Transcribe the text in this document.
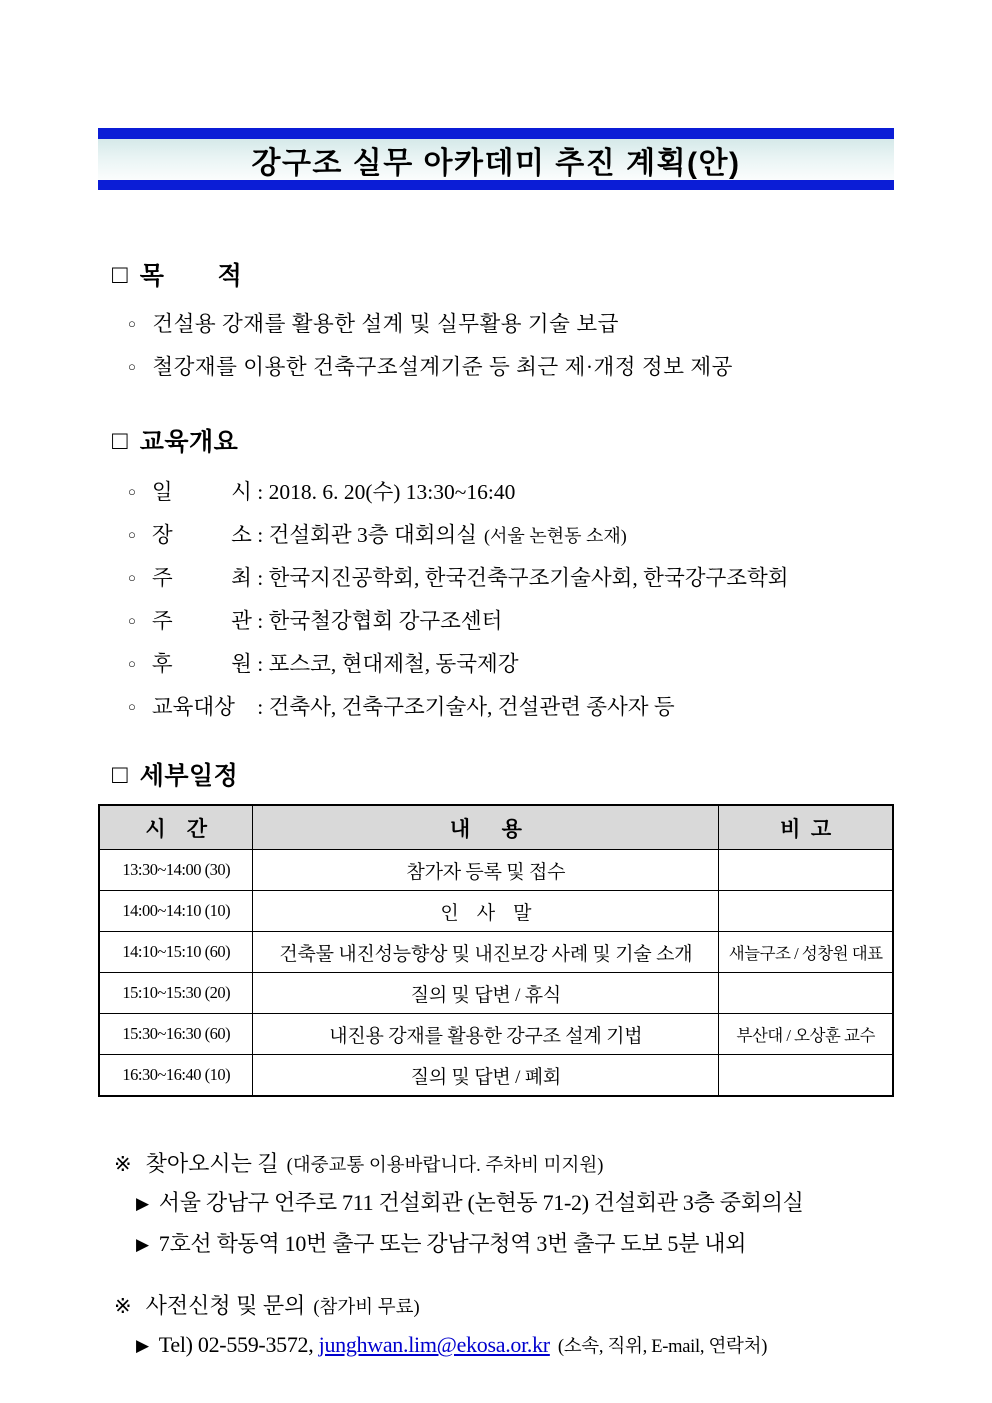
강구조 실무 아카데미 추진 계획(안)
□ 목 적
○ 건설용 강재를 활용한 설계 및 실무활용 기술 보급
○ 철강재를 이용한 건축구조설계기준 등 최근 제·개정 정보 제공
□ 교육개요
○ 일 시 : 2018. 6. 20(수) 13:30~16:40
○ 장 소 : 건설회관 3층 대회의실 (서울 논현동 소재)
○ 주 최 : 한국지진공학회, 한국건축구조기술사회, 한국강구조학회
○ 주 관 : 한국철강협회 강구조센터
○ 후 원 : 포스코, 현대제철, 동국제강
○ 교육대상 : 건축사, 건축구조기술사, 건설관련 종사자 등
□ 세부일정
시    간	내      용	비  고
13:30~14:00 (30)	참가자 등록 및 접수	
14:00~14:10 (10)	인    사    말	
14:10~15:10 (60)	건축물 내진성능향상 및 내진보강 사례 및 기술 소개	새늘구조 / 성창원 대표
15:10~15:30 (20)	질의 및 답변 / 휴식	
15:30~16:30 (60)	내진용 강재를 활용한 강구조 설계 기법	부산대 / 오상훈 교수
16:30~16:40 (10)	질의 및 답변 / 폐회	
※ 찾아오시는 길 (대중교통 이용바랍니다. 주차비 미지원)
▶ 서울 강남구 언주로 711 건설회관 (논현동 71-2) 건설회관 3층 중회의실
▶ 7호선 학동역 10번 출구 또는 강남구청역 3번 출구 도보 5분 내외
※ 사전신청 및 문의 (참가비 무료)
▶ Tel) 02-559-3572, junghwan.lim@ekosa.or.kr (소속, 직위, E-mail, 연락처)
